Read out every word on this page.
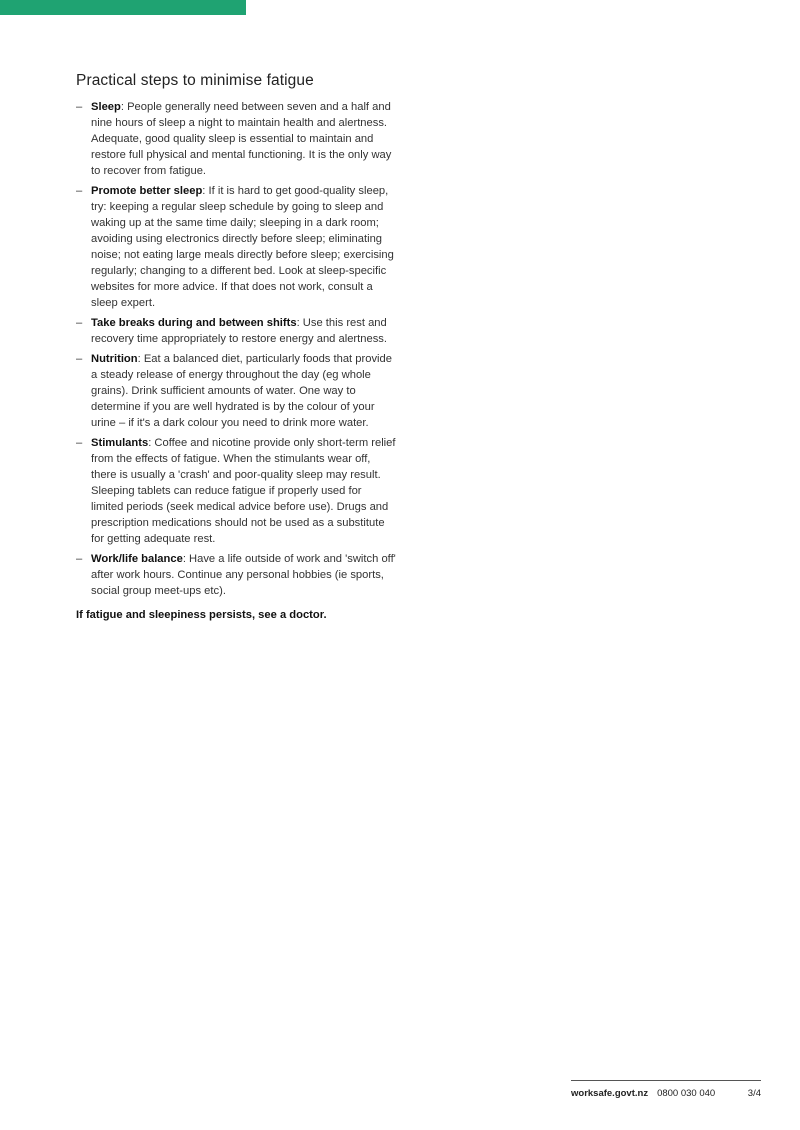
Practical steps to minimise fatigue
– Sleep: People generally need between seven and a half and nine hours of sleep a night to maintain health and alertness. Adequate, good quality sleep is essential to maintain and restore full physical and mental functioning. It is the only way to recover from fatigue.
– Promote better sleep: If it is hard to get good-quality sleep, try: keeping a regular sleep schedule by going to sleep and waking up at the same time daily; sleeping in a dark room; avoiding using electronics directly before sleep; eliminating noise; not eating large meals directly before sleep; exercising regularly; changing to a different bed. Look at sleep-specific websites for more advice. If that does not work, consult a sleep expert.
– Take breaks during and between shifts: Use this rest and recovery time appropriately to restore energy and alertness.
– Nutrition: Eat a balanced diet, particularly foods that provide a steady release of energy throughout the day (eg whole grains). Drink sufficient amounts of water. One way to determine if you are well hydrated is by the colour of your urine – if it's a dark colour you need to drink more water.
– Stimulants: Coffee and nicotine provide only short-term relief from the effects of fatigue. When the stimulants wear off, there is usually a 'crash' and poor-quality sleep may result. Sleeping tablets can reduce fatigue if properly used for limited periods (seek medical advice before use). Drugs and prescription medications should not be used as a substitute for getting adequate rest.
– Work/life balance: Have a life outside of work and 'switch off' after work hours. Continue any personal hobbies (ie sports, social group meet-ups etc).

If fatigue and sleepiness persists, see a doctor.

worksafe.govt.nz 0800 030 040	3/4
